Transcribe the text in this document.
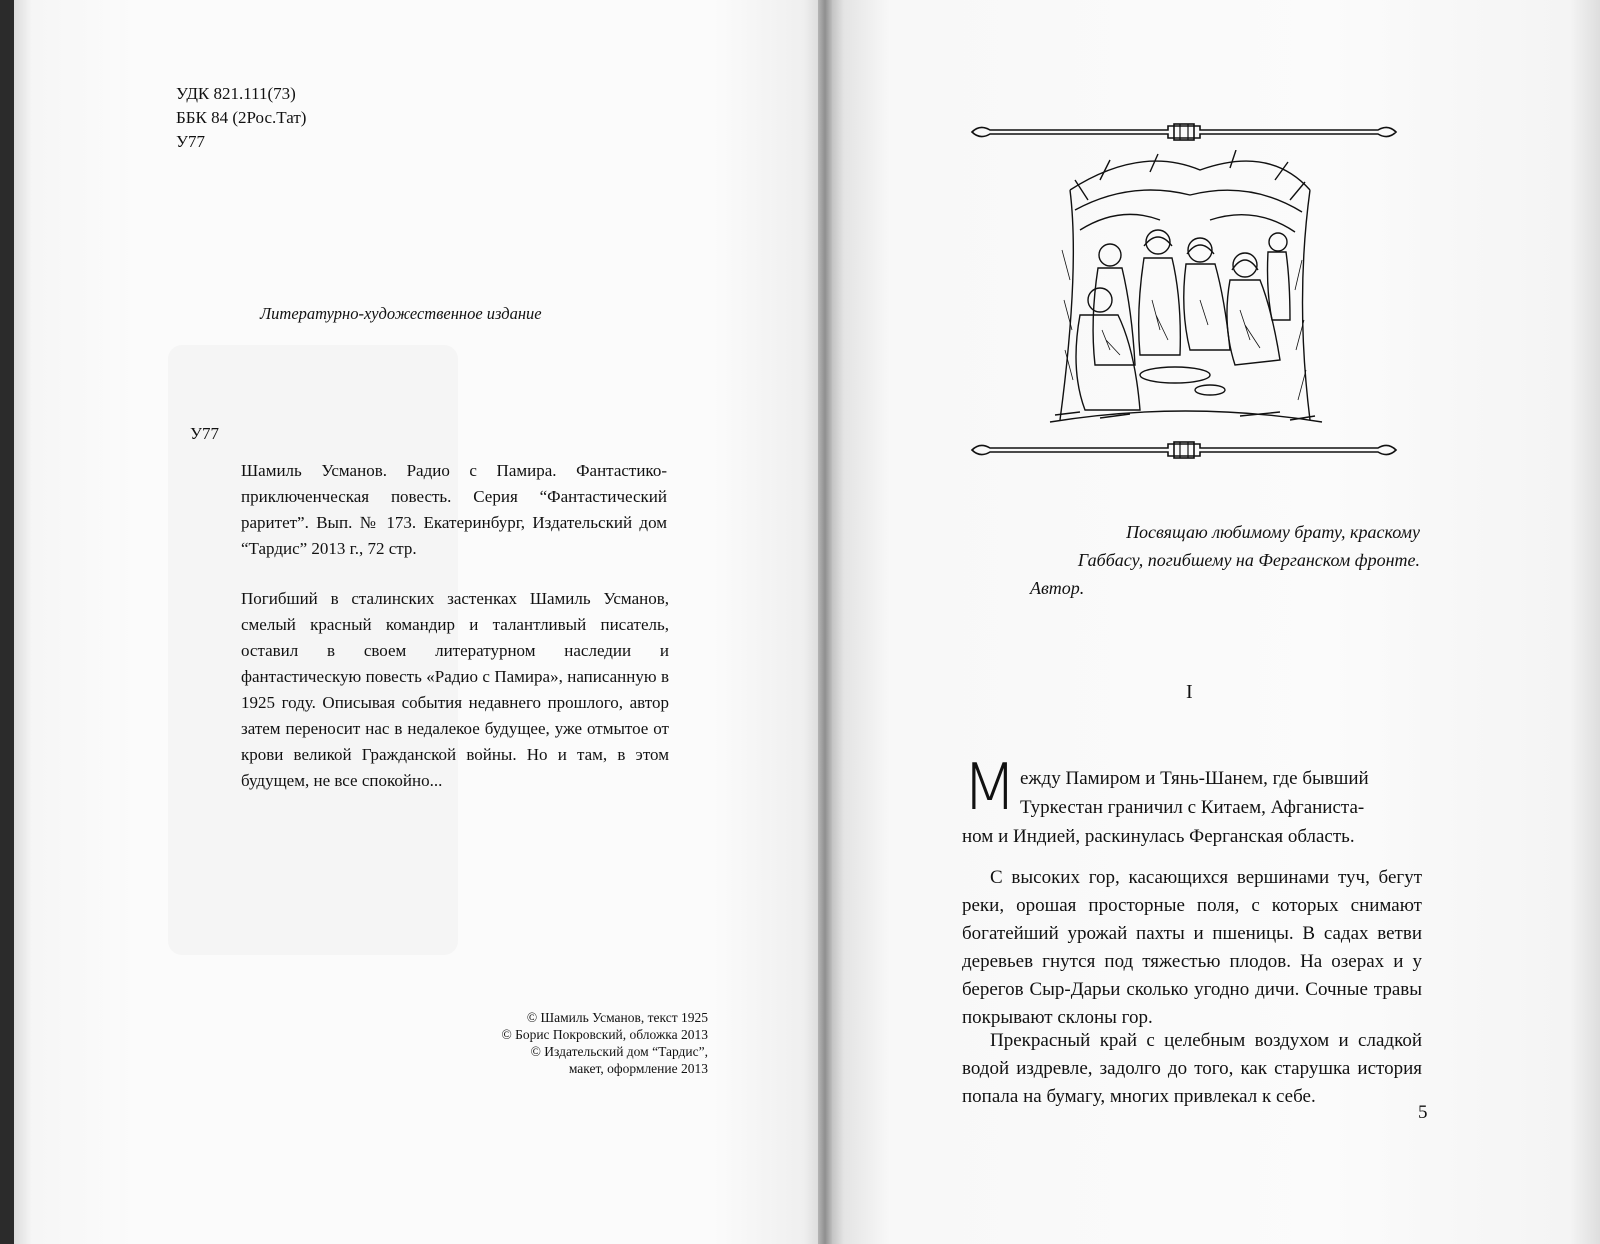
УДК 821.111(73)
ББК 84 (2Рос.Тат)
У77
Литературно-художественное издание
У77

Шамиль Усманов. Радио с Памира. Фантастико-приключенческая повесть. Серия “Фантастический раритет”. Вып. № 173. Екатеринбург, Издательский дом “Тардис” 2013 г., 72 стр.

Погибший в сталинских застенках Шамиль Усманов, смелый красный командир и талантливый писатель, оставил в своем литературном наследии и фантастическую повесть «Радио с Памира», написанную в 1925 году. Описывая события недавнего прошлого, автор затем переносит нас в недалекое будущее, уже отмытое от крови великой Гражданской войны. Но и там, в этом будущем, не все спокойно...

© Шамиль Усманов, текст 1925
© Борис Покровский, обложка 2013
© Издательский дом “Тардис”,
макет, оформление 2013
Посвящаю любимому брату, краскому
Габбасу, погибшему на Ферганском фронте.
Автор.
I
М ежду Памиром и Тянь-Шанем, где бывший
Туркестан граничил с Китаем, Афганиста-
ном и Индией, раскинулась Ферганская область.

С высоких гор, касающихся вершинами туч, бегут реки, орошая просторные поля, с которых снимают богатейший урожай пахты и пшеницы. В садах ветви деревьев гнутся под тяжестью плодов. На озерах и у берегов Сыр-Дарьи сколько угодно дичи. Сочные травы покрывают склоны гор.

Прекрасный край с целебным воздухом и сладкой водой издревле, задолго до того, как старушка история попала на бумагу, многих привлекал к себе.

5
